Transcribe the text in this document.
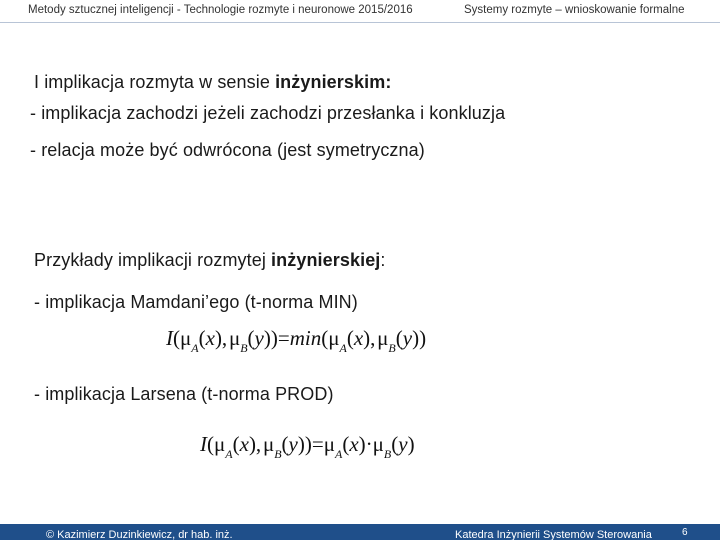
Metody sztucznej inteligencji - Technologie rozmyte i neuronowe 2015/2016	Systemy rozmyte – wnioskowanie formalne
I implikacja rozmyta w sensie inżynierskim:
- implikacja zachodzi jeżeli zachodzi przesłanka i konkluzja
- relacja może być odwrócona (jest symetryczna)
Przykłady implikacji rozmytej inżynierskiej:
- implikacja Mamdani’ego (t-norma MIN)
$I(\mu_A(x)$, $\mu_B(y))=\min(\mu_A(x)$, $\mu_B(y)$)
- implikacja Larsena (t-norma PROD)
$I(\mu_A(x)$, $\mu_B(y))=\mu_A(x)\cdot\mu_B(y)$
© Kazimierz Duzinkiewicz, dr hab. inż.	Katedra Inżynierii Systemów Sterowania	6
